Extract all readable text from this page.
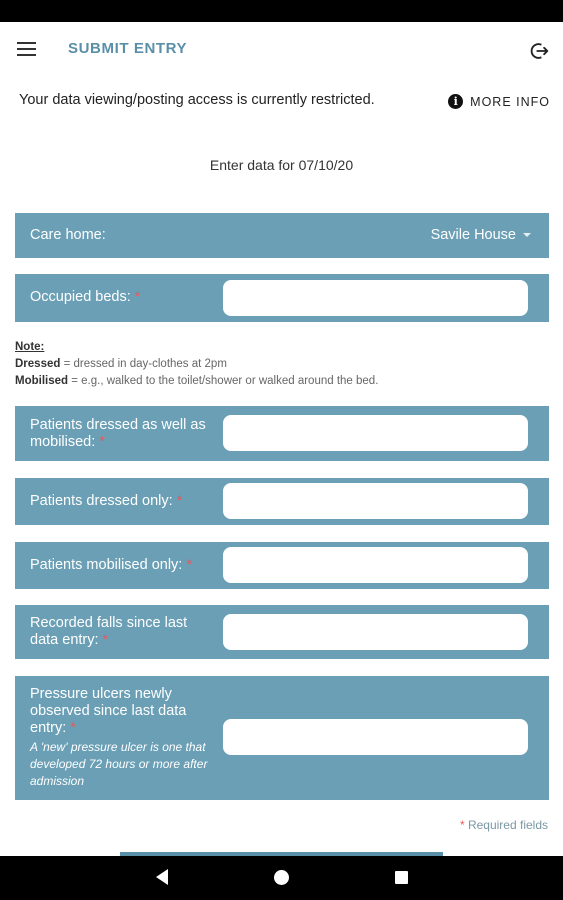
SUBMIT ENTRY
Your data viewing/posting access is currently restricted.	i MORE INFO
Enter data for 07/10/20
Care home:	Savile House
Occupied beds: *
Note:
Dressed = dressed in day-clothes at 2pm
Mobilised = e.g., walked to the toilet/shower or walked around the bed.
Patients dressed as well as mobilised: *
Patients dressed only: *
Patients mobilised only: *
Recorded falls since last data entry: *
Pressure ulcers newly observed since last data entry: *
A 'new' pressure ulcer is one that developed 72 hours or more after admission
* Required fields
